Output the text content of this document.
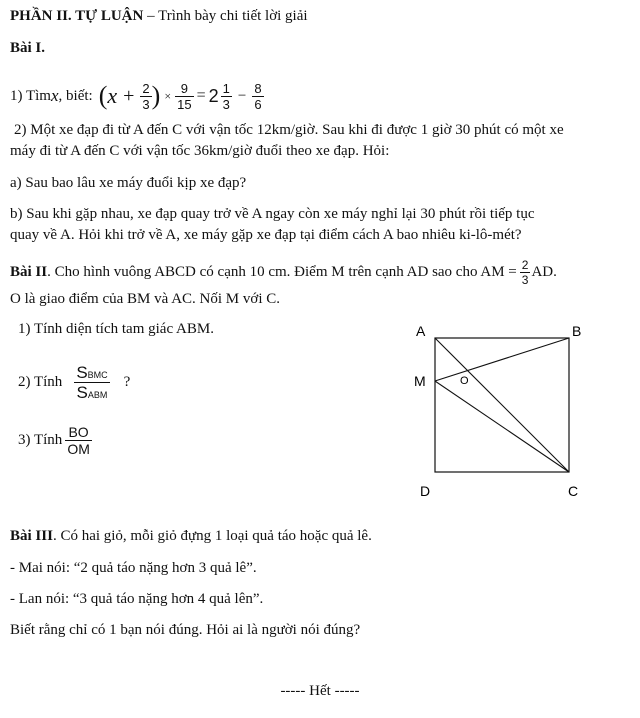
PHẦN II. TỰ LUẬN – Trình bày chi tiết lời giải
Bài I.
1) Tìm x , biết: ( $x + \frac{2}{3}$ ) × $\frac{9}{15} = 2 \frac{1}{3} - \frac{8}{6}$
2) Một xe đạp đi từ A đến C với vận tốc 12km/giờ. Sau khi đi được 1 giờ 30 phút có một xe
máy đi từ A đến C với vận tốc 36km/giờ đuổi theo xe đạp. Hỏi:
a) Sau bao lâu xe máy đuổi kịp xe đạp?
b) Sau khi gặp nhau, xe đạp quay trở về A ngay còn xe máy nghỉ lại 30 phút rồi tiếp tục
quay về A. Hỏi khi trở về A, xe máy gặp xe đạp tại điểm cách A bao nhiêu ki-lô-mét?
Bài II . Cho hình vuông ABCD có cạnh 10 cm. Điểm M trên cạnh AD sao cho AM = $\frac{2}{3}$ AD.
O là giao điểm của BM và AC. Nối M với C.
1) Tính diện tích tam giác ABM.
2) Tính $\frac{\text{SBMC}}{\text{SABM}}$ ?
3) Tính $\frac{BO}{OM}$
A	B
M	O
D	C
Bài III. Có hai giỏ, mỗi giỏ đựng 1 loại quả táo hoặc quả lê.
- Mai nói: “2 quả táo nặng hơn 3 quả lê”.
- Lan nói: “3 quả táo nặng hơn 4 quả lên”.
Biết rằng chỉ có 1 bạn nói đúng. Hỏi ai là người nói đúng?
----- Hết -----
